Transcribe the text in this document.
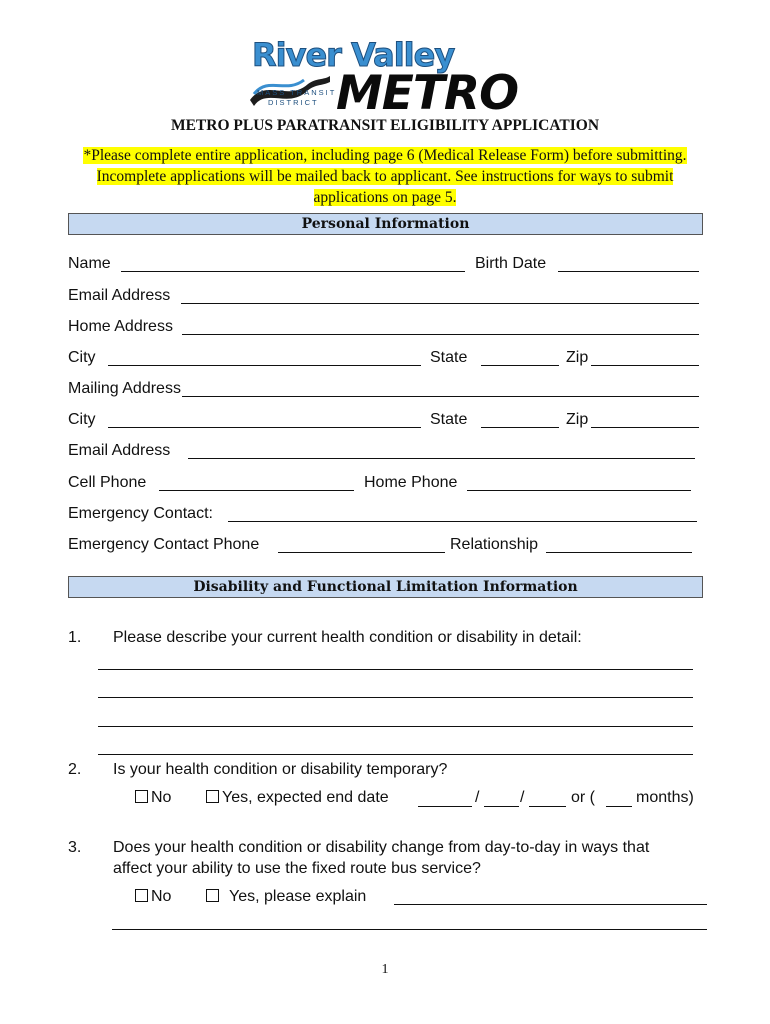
River Valley
METRO
MASS TRANSIT
DISTRICT
METRO PLUS PARATRANSIT ELIGIBILITY APPLICATION
*Please complete entire application, including page 6 (Medical Release Form) before submitting. Incomplete applications will be mailed back to applicant. See instructions for ways to submit applications on page 5.
Personal Information
Name	Birth Date
Email Address
Home Address
City	State	Zip
Mailing Address
City	State	Zip
Email Address
Cell Phone	Home Phone
Emergency Contact:
Emergency Contact Phone	Relationship
Disability and Functional Limitation Information
1. Please describe your current health condition or disability in detail:
2. Is your health condition or disability temporary?
No	Yes, expected end date	/	/	or (	months)
3. Does your health condition or disability change from day-to-day in ways that
affect your ability to use the fixed route bus service?
No	Yes, please explain
1
